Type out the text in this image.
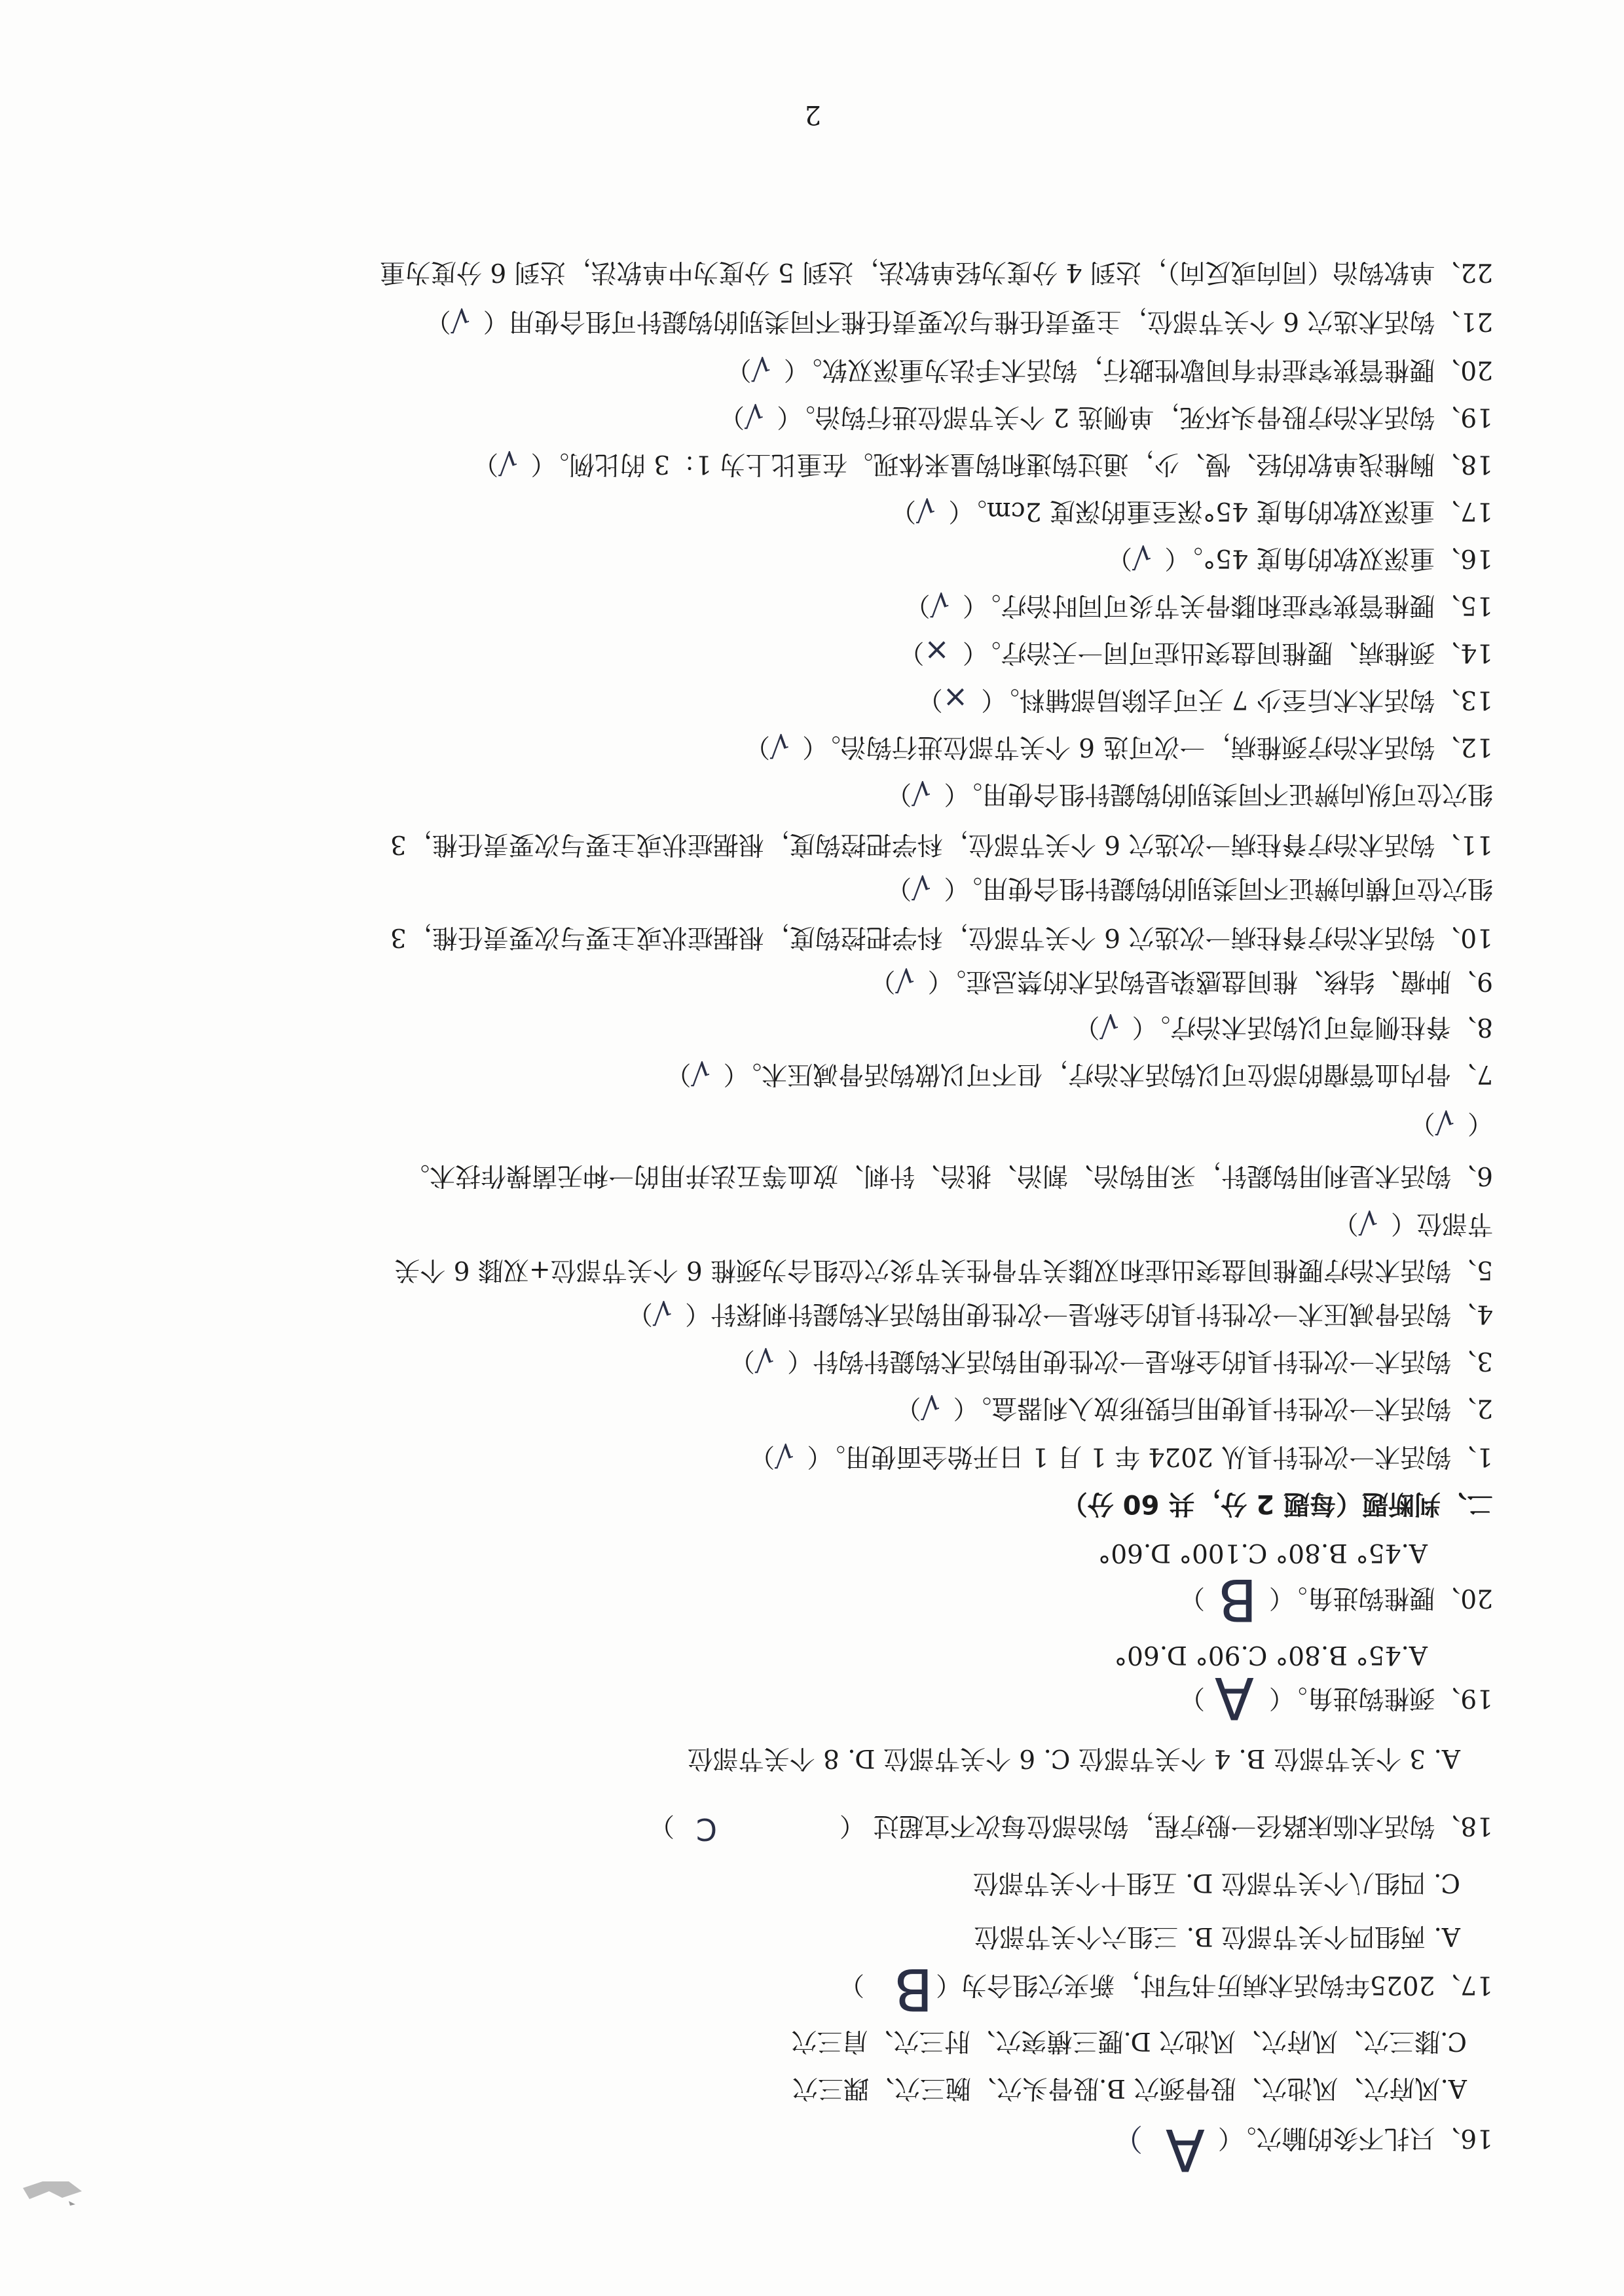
16、只扎不灸的腧穴。（
A
）
A.风府穴、风池穴、股骨颈穴 B.股骨头穴、腕三穴、踝三穴
C.膝三穴、风府穴、风池穴 D.腰三横突穴、肘三穴、肩三穴
17、2025年钩活术病历书写时，新夹穴组合为（
B
）
A. 两组四个关节部位 B. 三组六个关节部位
C. 四组八个关节部位 D. 五组十个关节部位
18、钩活术临床路径一般疗程，钩治部位每次不宜超过 （
C
）
A. 3 个关节部位 B. 4 个关节部位 C. 6 个关节部位 D. 8 个关节部位
19、颈椎钩进角。（
A
）
A.45° B.80° C.90° D.60°
20、腰椎钩进角。（
B
）
A.45° B.80° C.100° D.60°
二、判断题（每题 2 分，共 60 分）
1、钩活术一次性针具从 2024 年 1 月 1 日开始全面使用。（√）
2、钩活术一次性针具使用后毁形放入利器盒。（√）
3、钩活术一次性针具的全称是一次性使用钩活术钩鍉针钩针（√）
4、钩活骨减压术一次性针具的全称是一次性使用钩活术钩鍉针刺探针（√）
5、钩活术治疗腰椎间盘突出症和双膝关节骨性关节炎穴位组合为颈椎 6 个关节部位+双膝 6 个关
节部位（√）
6、钩活术是利用钩鍉针，采用钩治、割治、挑治、针刺、放血等五法并用的一种无菌操作技术。
（√）
7、骨内血管瘤的部位可以钩活术治疗，但不可以做钩活骨减压术。（√）
8、脊柱侧弯可以钩活术治疗。（√）
9、肿瘤、结核、椎间盘感染是钩活术的禁忌症。（√）
10、钩活术治疗脊柱病一次选穴 6 个关节部位，科学把控钩度，根据症状或主要与次要责任椎，3
组穴位可横向辨证不同类别的钩鍉针组合使用。（√）
11、钩活术治疗脊柱病一次选穴 6 个关节部位，科学把控钩度，根据症状或主要与次要责任椎，3
组穴位可纵向辨证不同类别的钩鍉针组合使用。（√）
12、钩活术治疗颈椎病，一次可选 6 个关节部位进行钩治。（√）
13、钩活术术后至少 7 天可去除局部辅料。（×）
14、颈椎病、腰椎间盘突出症可同一天治疗。（×）
15、腰椎管狭窄症和膝骨关节炎可同时治疗。（√）
16、重深双软的角度 45°。（√）
17、重深双软的角度 45°深至重的深度 2cm。（√）
18、胸椎浅单软的轻、慢、少，通过钩速和钩量来体现。在重比上为 1：3 的比例。（√）
19、钩活术治疗股骨头坏死，单侧选 2 个关节部位进行钩治。（√）
20、腰椎管狭窄症伴有间歇性跛行，钩活术手法为重深双软。（√）
21、钩活术选穴 6 个关节部位，主要责任椎与次要责任椎不同类别的钩鍉针可组合使用（√）
22、单软钩治（同向或反向），达到 4 分度为轻单软法，达到 5 分度为中单软法，达到 6 分度为重
2
